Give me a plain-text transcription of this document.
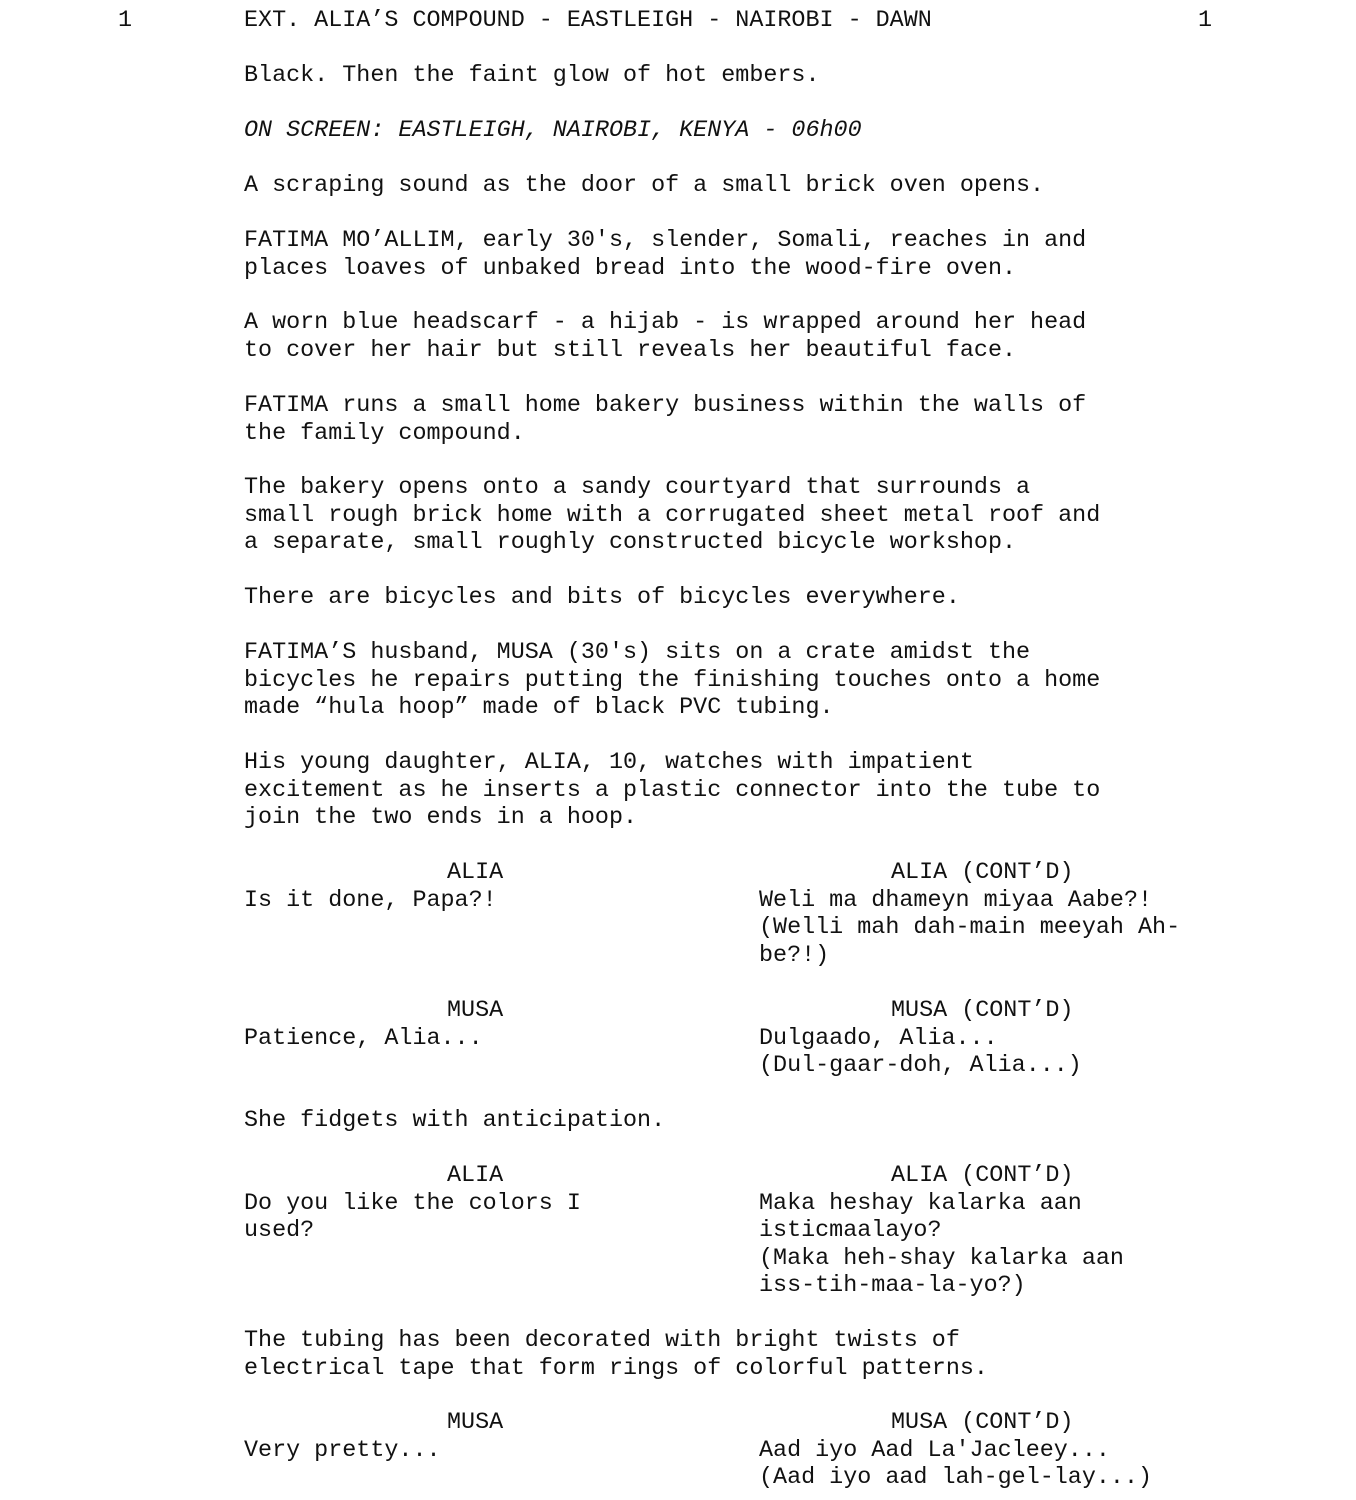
1	EXT. ALIA’S COMPOUND - EASTLEIGH - NAIROBI - DAWN	1
Black. Then the faint glow of hot embers.
ON SCREEN: EASTLEIGH, NAIROBI, KENYA - 06h00
A scraping sound as the door of a small brick oven opens.
FATIMA MO’ALLIM, early 30's, slender, Somali, reaches in and
places loaves of unbaked bread into the wood-fire oven.
A worn blue headscarf - a hijab - is wrapped around her head
to cover her hair but still reveals her beautiful face.
FATIMA runs a small home bakery business within the walls of
the family compound.
The bakery opens onto a sandy courtyard that surrounds a
small rough brick home with a corrugated sheet metal roof and
a separate, small roughly constructed bicycle workshop.
There are bicycles and bits of bicycles everywhere.
FATIMA’S husband, MUSA (30's) sits on a crate amidst the
bicycles he repairs putting the finishing touches onto a home
made “hula hoop” made of black PVC tubing.
His young daughter, ALIA, 10, watches with impatient
excitement as he inserts a plastic connector into the tube to
join the two ends in a hoop.
ALIA
Is it done, Papa?!
ALIA (CONT’D)
Weli ma dhameyn miyaa Aabe?!
(Welli mah dah-main meeyah Ah-
be?!)
MUSA
Patience, Alia...
MUSA (CONT’D)
Dulgaado, Alia...
(Dul-gaar-doh, Alia...)
She fidgets with anticipation.
ALIA
Do you like the colors I
used?
ALIA (CONT’D)
Maka heshay kalarka aan
isticmaalayo?
(Maka heh-shay kalarka aan
iss-tih-maa-la-yo?)
The tubing has been decorated with bright twists of
electrical tape that form rings of colorful patterns.
MUSA
Very pretty...
MUSA (CONT’D)
Aad iyo Aad La'Jacleey...
(Aad iyo aad lah-gel-lay...)
